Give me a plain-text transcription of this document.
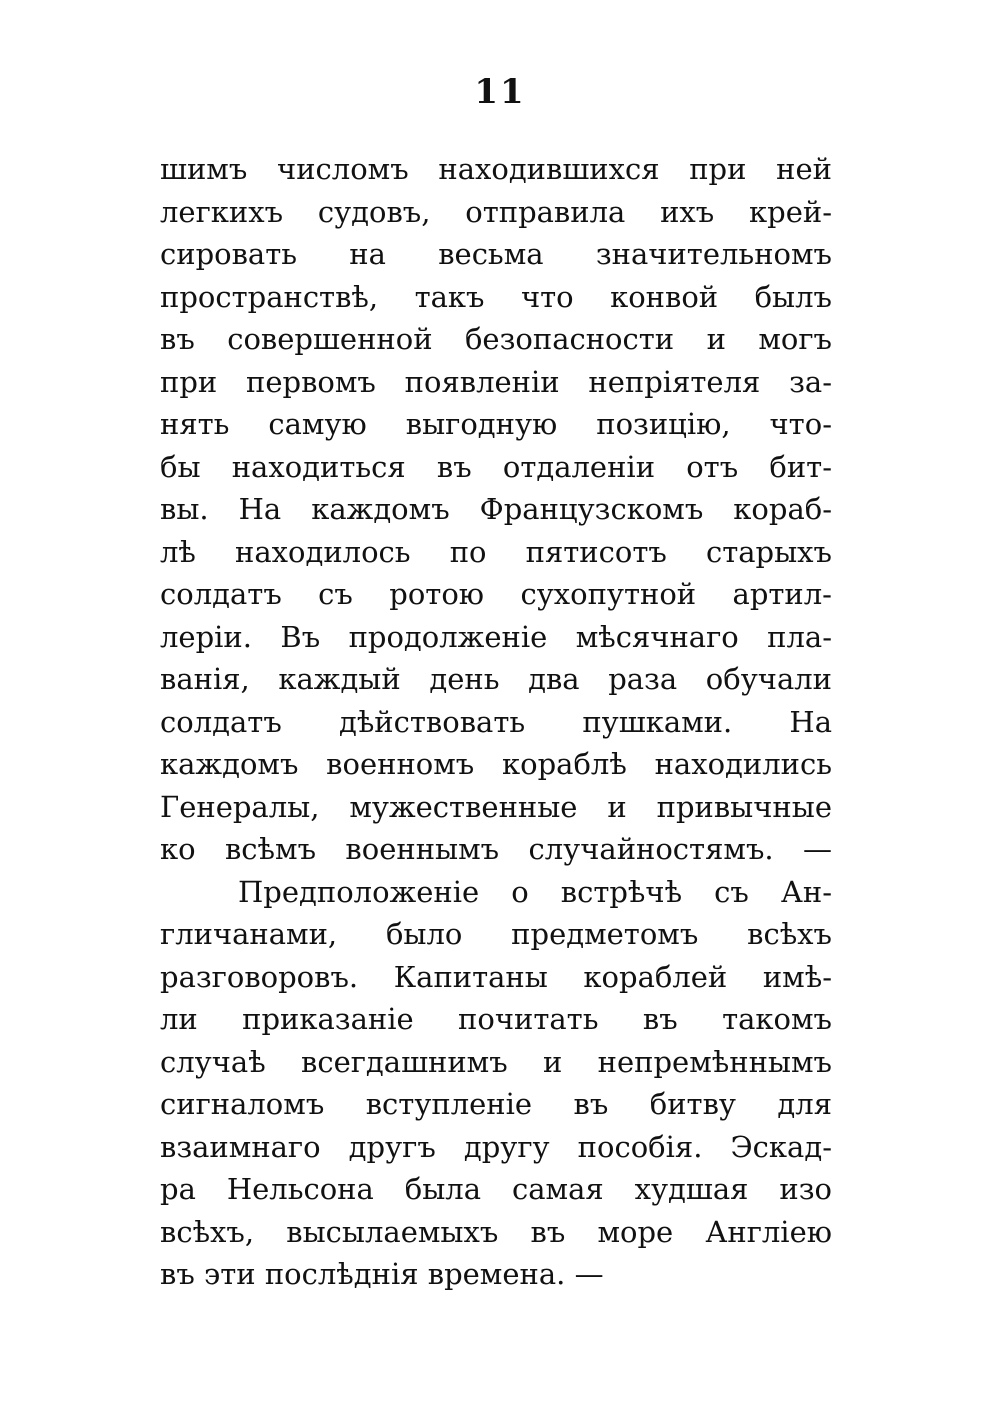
11
шимъ числомъ находившихся при ней
легкихъ судовъ, отправила ихъ крей-
сировать на весьма значительномъ
пространствѣ, такъ что конвой былъ
въ совершенной безопасности и могъ
при первомъ появленіи непріятеля за-
нять самую выгодную позицію, чтo-
бы находиться въ отдаленіи отъ бит-
вы. На каждомъ Французскомъ кораб-
лѣ находилось по пятисотъ старыхъ
солдатъ съ ротою сухопутной артил-
леріи. Въ продолженіе мѣсячнаго пла-
ванія, каждый день два раза обучали
солдатъ дѣйствовать пушками. На
каждомъ военномъ кораблѣ находились
Генералы, мужественные и привычные
ко всѣмъ военнымъ случайностямъ. —
Предположеніе о встрѣчѣ съ Ан-
гличанами, было предметомъ всѣхъ
разговоровъ. Капитаны кораблей имѣ-
ли приказаніе почитать въ такомъ
случаѣ всегдашнимъ и непремѣннымъ
сигналомъ вступленіе въ битву для
взаимнаго другъ другу пособія. Эскад-
ра Нельсона была самая худшая изо
всѣхъ, высылаемыхъ въ море Англіею
въ эти послѣднія времена. —
